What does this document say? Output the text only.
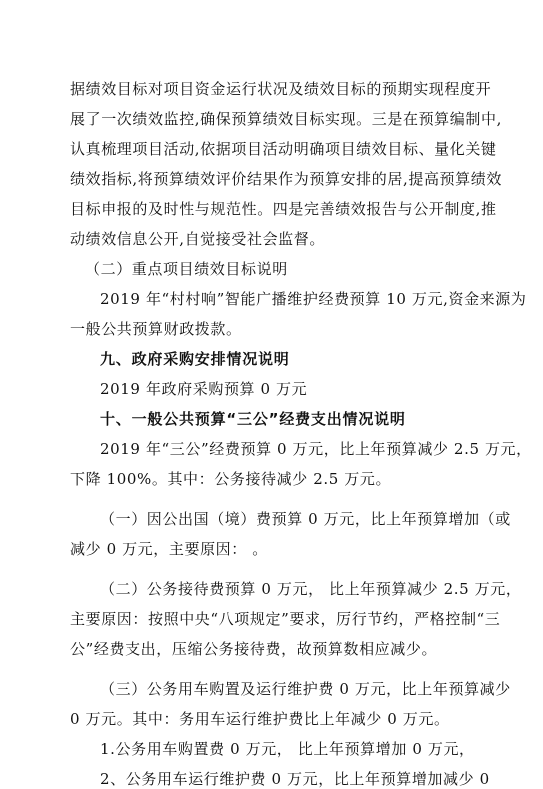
据绩效目标对项目资金运行状况及绩效目标的预期实现程度开
展了一次绩效监控,确保预算绩效目标实现。三是在预算编制中,
认真梳理项目活动,依据项目活动明确项目绩效目标、量化关键
绩效指标,将预算绩效评价结果作为预算安排的居,提高预算绩效
目标申报的及时性与规范性。四是完善绩效报告与公开制度,推
动绩效信息公开,自觉接受社会监督。
（二）重点项目绩效目标说明
2019 年“村村响”智能广播维护经费预算 10 万元,资金来源为
一般公共预算财政拨款。
九、政府采购安排情况说明
2019 年政府采购预算 0 万元
十、一般公共预算“三公”经费支出情况说明
2019 年“三公”经费预算 0 万元，比上年预算减少 2.5 万元，
下降 100%。其中：公务接待减少 2.5 万元。
（一）因公出国（境）费预算 0 万元，比上年预算增加（或
减少 0 万元，主要原因： 。
（二）公务接待费预算 0 万元， 比上年预算减少 2.5 万元，
主要原因：按照中央“八项规定”要求，厉行节约，严格控制“三
公”经费支出，压缩公务接待费，故预算数相应减少。
（三）公务用车购置及运行维护费 0 万元，比上年预算减少
0 万元。其中：务用车运行维护费比上年减少 0 万元。
1.公务用车购置费 0 万元， 比上年预算增加 0 万元，
2、公务用车运行维护费 0 万元，比上年预算增加减少 0
